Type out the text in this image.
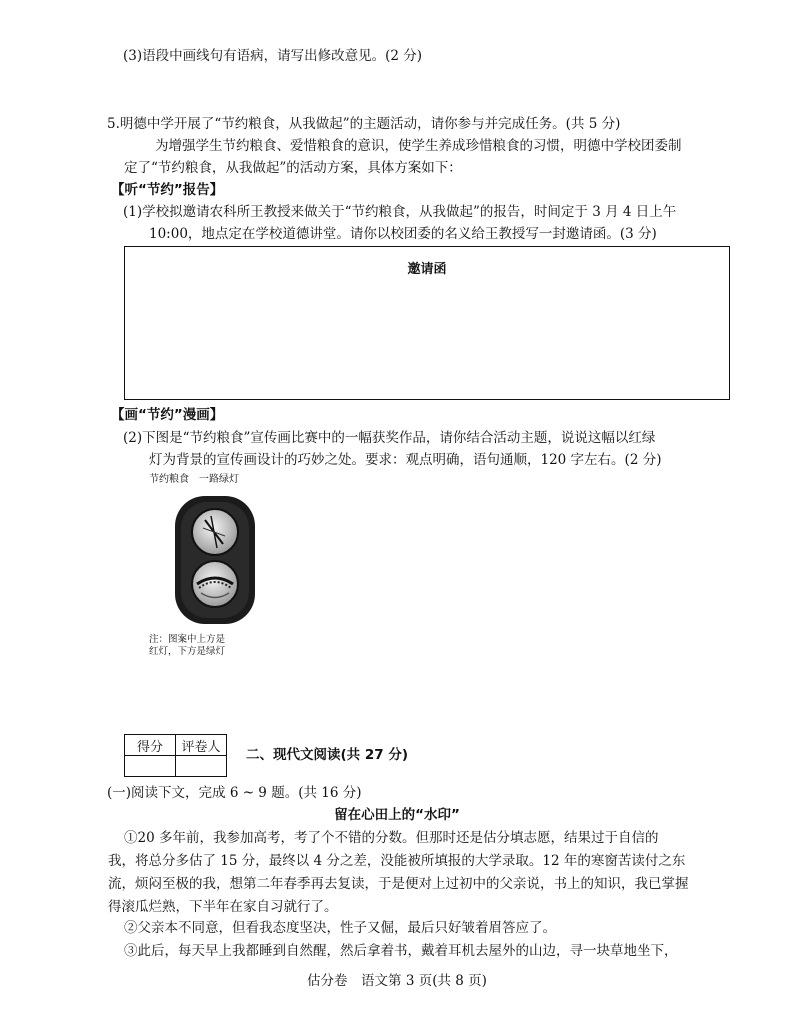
(3)语段中画线句有语病，请写出修改意见。(2 分)
5.明德中学开展了“节约粮食，从我做起”的主题活动，请你参与并完成任务。(共 5 分)
为增强学生节约粮食、爱惜粮食的意识，使学生养成珍惜粮食的习惯，明德中学校团委制
定了“节约粮食，从我做起”的活动方案，具体方案如下：
【听“节约”报告】
(1)学校拟邀请农科所王教授来做关于“节约粮食，从我做起”的报告，时间定于 3 月 4 日上午
10:00，地点定在学校道德讲堂。请你以校团委的名义给王教授写一封邀请函。(3 分)
邀请函
【画“节约”漫画】
(2)下图是“节约粮食”宣传画比赛中的一幅获奖作品，请你结合活动主题，说说这幅以红绿
灯为背景的宣传画设计的巧妙之处。要求：观点明确，语句通顺，120 字左右。(2 分)
节约粮食　一路绿灯
注：图案中上方是
红灯，下方是绿灯
得分	评卷人
	二、现代文阅读(共 27 分)
(一)阅读下文，完成 6 ~ 9 题。(共 16 分)
留在心田上的“水印”
①20 多年前，我参加高考，考了个不错的分数。但那时还是估分填志愿，结果过于自信的
我，将总分多估了 15 分，最终以 4 分之差，没能被所填报的大学录取。12 年的寒窗苦读付之东
流，烦闷至极的我，想第二年春季再去复读，于是便对上过初中的父亲说，书上的知识，我已掌握
得滚瓜烂熟，下半年在家自习就行了。
②父亲本不同意，但看我态度坚决，性子又倔，最后只好皱着眉答应了。
③此后，每天早上我都睡到自然醒，然后拿着书，戴着耳机去屋外的山边，寻一块草地坐下，
估分卷　语文第 3 页(共 8 页)
